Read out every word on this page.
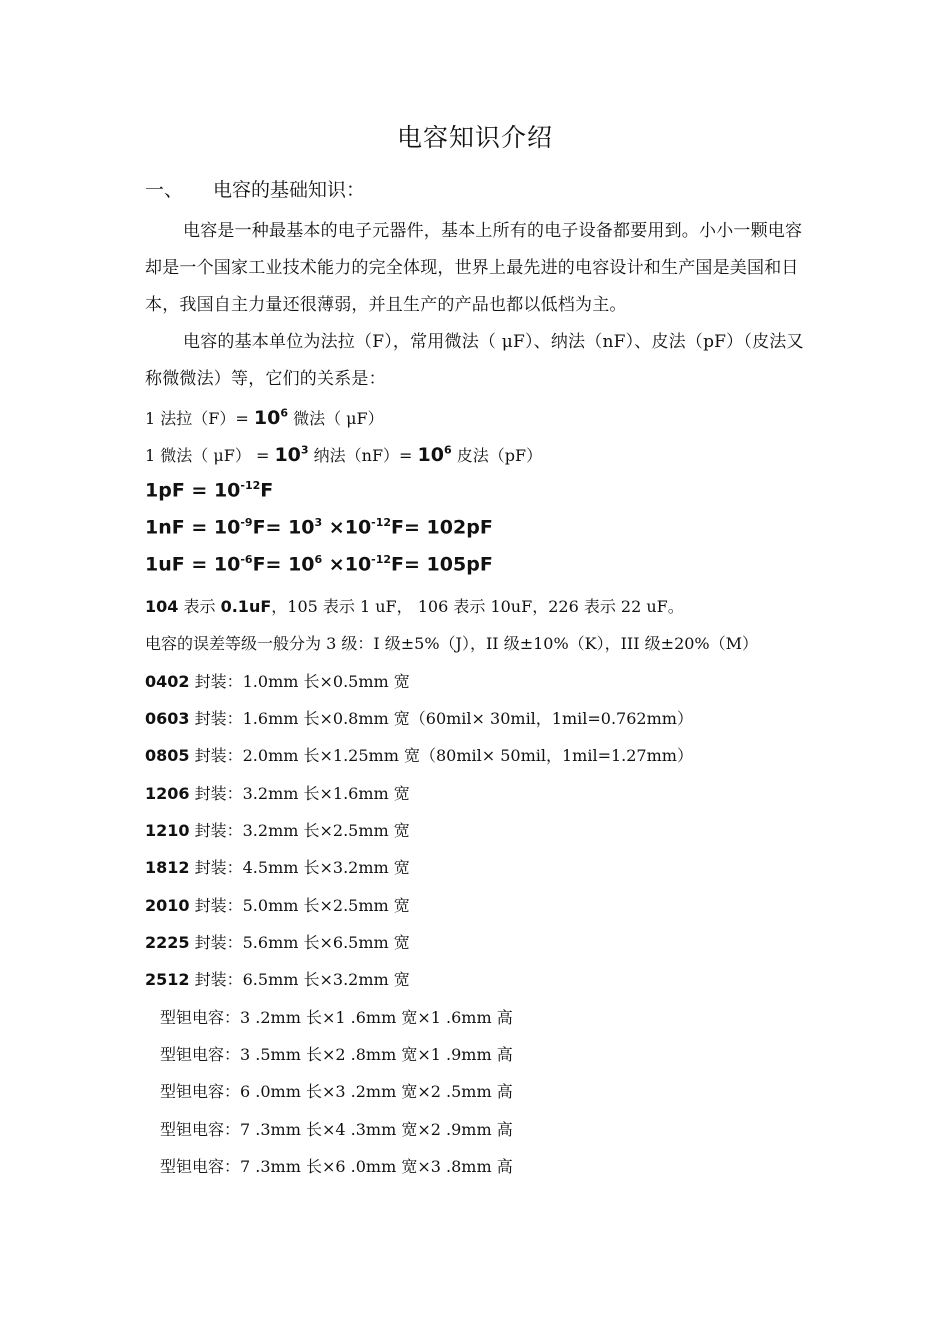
电容知识介绍
一、 电容的基础知识：

电容是一种最基本的电子元器件，基本上所有的电子设备都要用到。小小一颗电容却是一个国家工业技术能力的完全体现，世界上最先进的电容设计和生产国是美国和日本，我国自主力量还很薄弱，并且生产的产品也都以低档为主。

电容的基本单位为法拉（F），常用微法（ μF）、纳法（nF）、皮法（pF）（皮法又称微微法）等，它们的关系是：

1 法拉$(F)= 10^6$ 微法（ μF）
1 微法（ $\mu F) = 10^3$ 纳法$(nF)= 10^6$ 皮法（pF）
$1pF = 10^{-12}F$
$1nF = 10^{-9}F= 10^3 \times 10^{-12}F= 102pF$
$1uF = 10^{-6}F= 10^6 \times 10^{-12}F= 105pF$
104 表示 0.1uF，105 表示 1 uF， 106 表示 10uF，226 表示 22 uF。
电容的误差等级一般分为 3 级：I 级±5%（J），II 级±10%（K），III 级±20%（M）
0402 封装：1.0mm 长×0.5mm 宽
0603 封装：1.6mm 长×0.8mm 宽（60mil× 30mil，1mil=0.762mm）
0805 封装：2.0mm 长×1.25mm 宽（80mil× 50mil，1mil=1.27mm）
1206 封装：3.2mm 长×1.6mm 宽
1210 封装：3.2mm 长×2.5mm 宽
1812 封装：4.5mm 长×3.2mm 宽
2010 封装：5.0mm 长×2.5mm 宽
2225 封装：5.6mm 长×6.5mm 宽
2512 封装：6.5mm 长×3.2mm 宽
型钽电容：3 .2mm 长×1 .6mm 宽×1 .6mm 高
型钽电容：3 .5mm 长×2 .8mm 宽×1 .9mm 高
型钽电容：6 .0mm 长×3 .2mm 宽×2 .5mm 高
型钽电容：7 .3mm 长×4 .3mm 宽×2 .9mm 高
型钽电容：7 .3mm 长×6 .0mm 宽×3 .8mm 高
